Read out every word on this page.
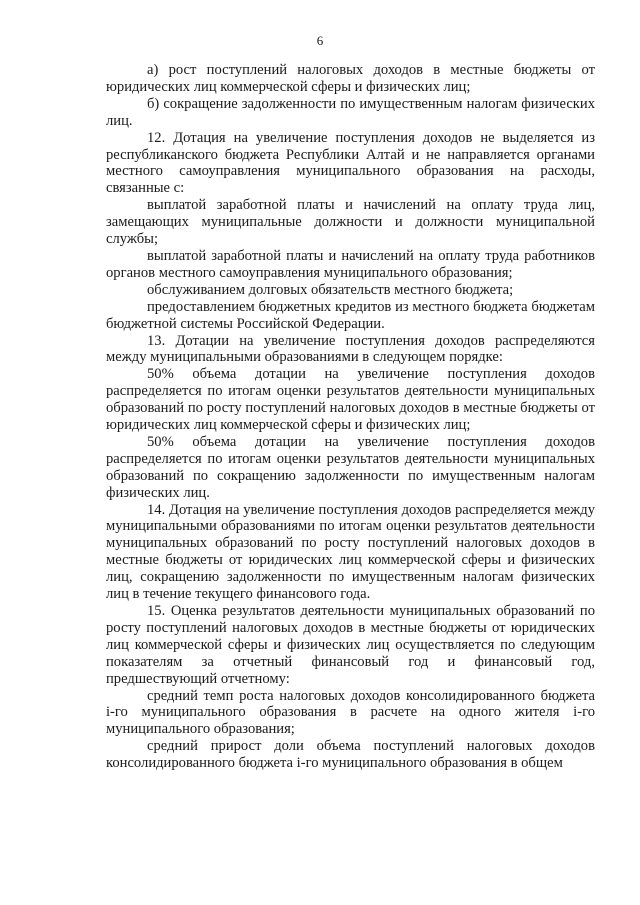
6

а) рост поступлений налоговых доходов в местные бюджеты от юридических лиц коммерческой сферы и физических лиц;

б) сокращение задолженности по имущественным налогам физических лиц.

12. Дотация на увеличение поступления доходов не выделяется из республиканского бюджета Республики Алтай и не направляется органами местного самоуправления муниципального образования на расходы, связанные с:

выплатой заработной платы и начислений на оплату труда лиц, замещающих муниципальные должности и должности муниципальной службы;

выплатой заработной платы и начислений на оплату труда работников органов местного самоуправления муниципального образования;

обслуживанием долговых обязательств местного бюджета;

предоставлением бюджетных кредитов из местного бюджета бюджетам бюджетной системы Российской Федерации.

13. Дотации на увеличение поступления доходов распределяются между муниципальными образованиями в следующем порядке:

50% объема дотации на увеличение поступления доходов распределяется по итогам оценки результатов деятельности муниципальных образований по росту поступлений налоговых доходов в местные бюджеты от юридических лиц коммерческой сферы и физических лиц;

50% объема дотации на увеличение поступления доходов распределяется по итогам оценки результатов деятельности муниципальных образований по сокращению задолженности по имущественным налогам физических лиц.

14. Дотация на увеличение поступления доходов распределяется между муниципальными образованиями по итогам оценки результатов деятельности муниципальных образований по росту поступлений налоговых доходов в местные бюджеты от юридических лиц коммерческой сферы и физических лиц, сокращению задолженности по имущественным налогам физических лиц в течение текущего финансового года.

15. Оценка результатов деятельности муниципальных образований по росту поступлений налоговых доходов в местные бюджеты от юридических лиц коммерческой сферы и физических лиц осуществляется по следующим показателям за отчетный финансовый год и финансовый год, предшествующий отчетному:

средний темп роста налоговых доходов консолидированного бюджета i-го муниципального образования в расчете на одного жителя i-го муниципального образования;

средний прирост доли объема поступлений налоговых доходов консолидированного бюджета i-го муниципального образования в общем
